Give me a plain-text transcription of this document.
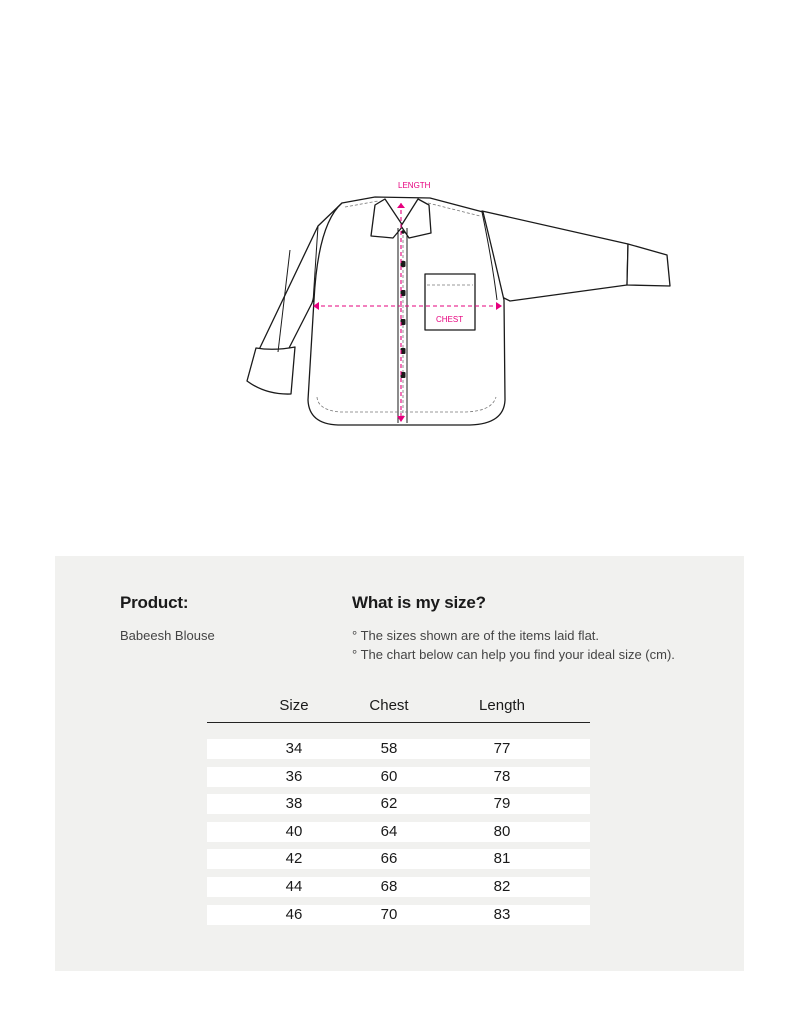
LENGTH
CHEST
Product:
Babeesh Blouse
What is my size?
° The sizes shown are of the items laid flat.
° The chart below can help you find your ideal size (cm).
Size	Chest	Length
34	58	77
36	60	78
38	62	79
40	64	80
42	66	81
44	68	82
46	70	83
